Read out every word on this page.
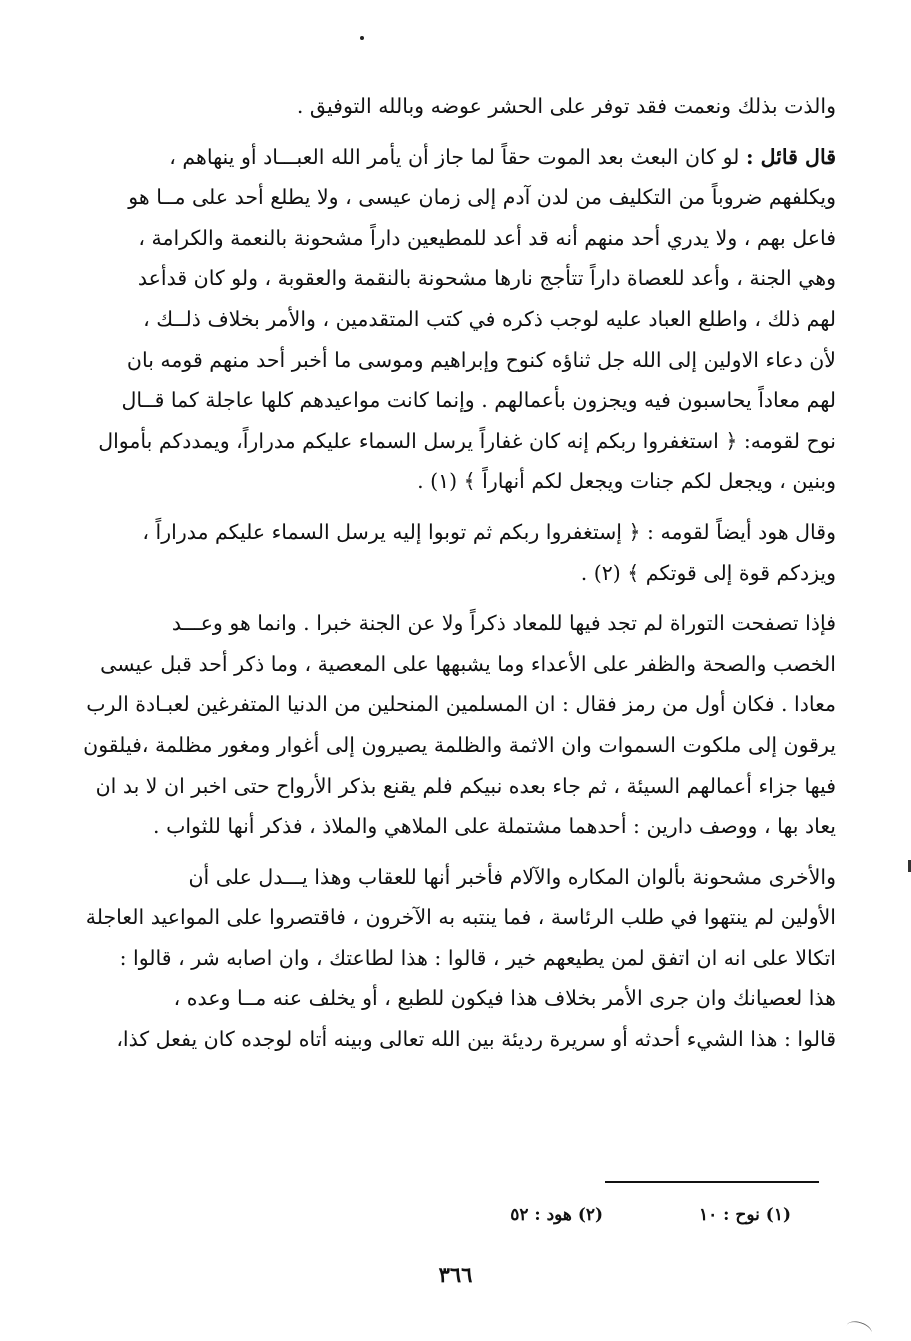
والذت بذلك ونعمت فقد توفر على الحشر عوضه وبالله التوفيق .

قال قائل : لو كان البعث بعد الموت حقاً لما جاز أن يأمر الله العبـــاد أو ينهاهم ،
ويكلفهم ضروباً من التكليف من لدن آدم إلى زمان عيسى ، ولا يطلع أحد على مــا هو
فاعل بهم ، ولا يدري أحد منهم أنه قد أعد للمطيعين داراً مشحونة بالنعمة والكرامة ،
وهي الجنة ، وأعد للعصاة داراً تتأجج نارها مشحونة بالنقمة والعقوبة ، ولو كان قدأعد
لهم ذلك ، واطلع العباد عليه لوجب ذكره في كتب المتقدمين ، والأمر بخلاف ذلــك ،
لأن دعاء الاولين إلى الله جل ثناؤه كنوح وإبراهيم وموسى ما أخبر أحد منهم قومه بان
لهم معاداً يحاسبون فيه ويجزون بأعمالهم . وإنما كانت مواعيدهم كلها عاجلة كما قــال
نوح لقومه: ﴿ استغفروا ربكم إنه كان غفاراً يرسل السماء عليكم مدراراً، ويمددكم بأموال
وبنين ، ويجعل لكم جنات ويجعل لكم أنهاراً ﴾ (١) .

وقال هود أيضاً لقومه : ﴿ إستغفروا ربكم ثم توبوا إليه يرسل السماء عليكم مدراراً ،
ويزدكم قوة إلى قوتكم ﴾ (٢) .

فإذا تصفحت التوراة لم تجد فيها للمعاد ذكراً ولا عن الجنة خبرا . وانما هو وعـــد
الخصب والصحة والظفر على الأعداء وما يشبهها على المعصية ، وما ذكر أحد قبل عيسى
معادا . فكان أول من رمز فقال : ان المسلمين المنحلين من الدنيا المتفرغين لعبـادة الرب
يرقون إلى ملكوت السموات وان الاثمة والظلمة يصيرون إلى أغوار ومغور مظلمة ،فيلقون
فيها جزاء أعمالهم السيئة ، ثم جاء بعده نبيكم فلم يقنع بذكر الأرواح حتى اخبر ان لا بد ان
يعاد بها ، ووصف دارين : أحدهما مشتملة على الملاهي والملاذ ، فذكر أنها للثواب .

والأخرى مشحونة بألوان المكاره والآلام فأخبر أنها للعقاب وهذا يـــدل على أن
الأولين لم ينتهوا في طلب الرئاسة ، فما ينتبه به الآخرون ، فاقتصروا على المواعيد العاجلة
اتكالا على انه ان اتفق لمن يطيعهم خير ، قالوا : هذا لطاعتك ، وان اصابه شر ، قالوا :
هذا لعصيانك وان جرى الأمر بخلاف هذا فيكون للطبع ، أو يخلف عنه مــا وعده ،
قالوا : هذا الشيء أحدثه أو سريرة رديئة بين الله تعالى وبينه أتاه لوجده كان يفعل كذا،

(١) نوح : ١٠ (٢) هود : ٥٢
٣٦٦
